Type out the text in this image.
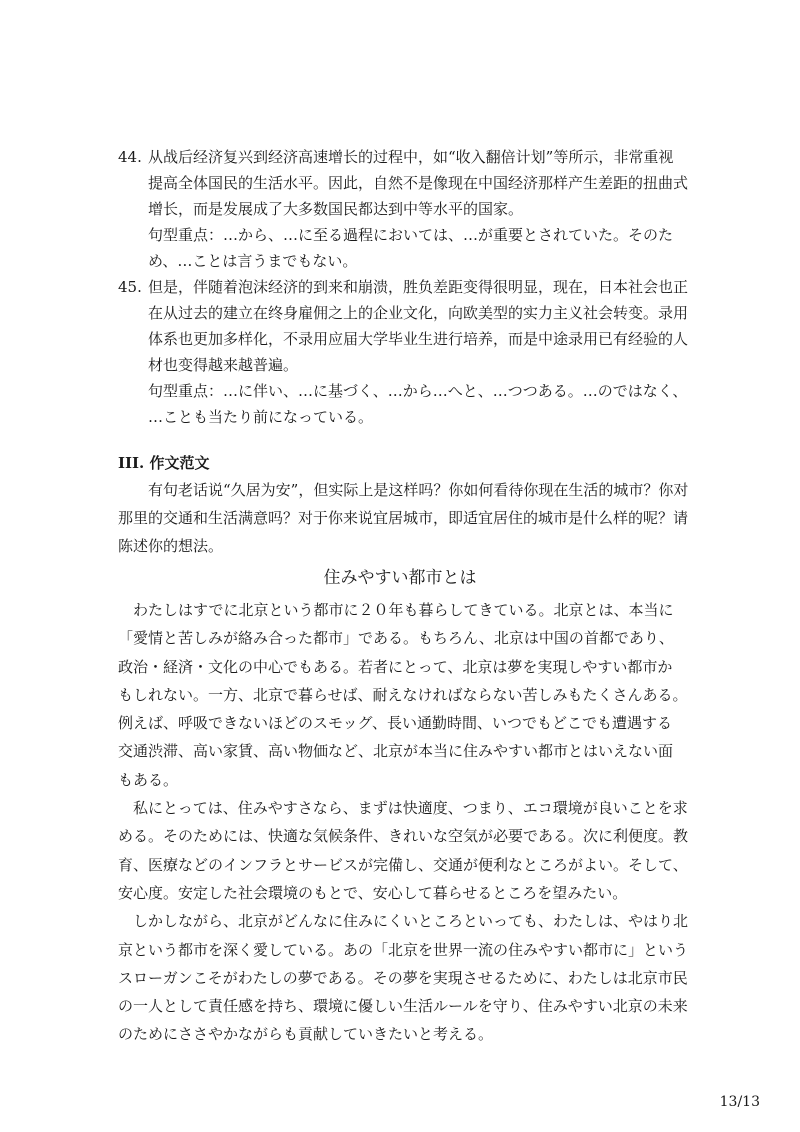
44. 从战后经济复兴到经济高速增长的过程中，如“收入翻倍计划”等所示，非常重视
提高全体国民的生活水平。因此，自然不是像现在中国经济那样产生差距的扭曲式
增长，而是发展成了大多数国民都达到中等水平的国家。
句型重点：…から、…に至る過程においては、…が重要とされていた。そのた
め、…ことは言うまでもない。
45. 但是，伴随着泡沫经济的到来和崩溃，胜负差距变得很明显，现在，日本社会也正
在从过去的建立在终身雇佣之上的企业文化，向欧美型的实力主义社会转变。录用
体系也更加多样化，不录用应届大学毕业生进行培养，而是中途录用已有经验的人
材也变得越来越普遍。
句型重点：…に伴い、…に基づく、…から…へと、…つつある。…のではなく、
…ことも当たり前になっている。
III. 作文范文
　　有句老话说“久居为安”，但实际上是这样吗？你如何看待你现在生活的城市？你对
那里的交通和生活满意吗？对于你来说宜居城市，即适宜居住的城市是什么样的呢？请
陈述你的想法。
住みやすい都市とは
　わたしはすでに北京という都市に２０年も暮らしてきている。北京とは、本当に
「愛情と苦しみが絡み合った都市」である。もちろん、北京は中国の首都であり、
政治・経済・文化の中心でもある。若者にとって、北京は夢を実現しやすい都市か
もしれない。一方、北京で暮らせば、耐えなければならない苦しみもたくさんある。
例えば、呼吸できないほどのスモッグ、長い通勤時間、いつでもどこでも遭遇する
交通渋滞、高い家賃、高い物価など、北京が本当に住みやすい都市とはいえない面
もある。
　私にとっては、住みやすさなら、まずは快適度、つまり、エコ環境が良いことを求
める。そのためには、快適な気候条件、きれいな空気が必要である。次に利便度。教
育、医療などのインフラとサービスが完備し、交通が便利なところがよい。そして、
安心度。安定した社会環境のもとで、安心して暮らせるところを望みたい。
　しかしながら、北京がどんなに住みにくいところといっても、わたしは、やはり北
京という都市を深く愛している。あの「北京を世界一流の住みやすい都市に」という
スローガンこそがわたしの夢である。その夢を実現させるために、わたしは北京市民
の一人として責任感を持ち、環境に優しい生活ルールを守り、住みやすい北京の未来
のためにささやかながらも貢献していきたいと考える。
13/13
